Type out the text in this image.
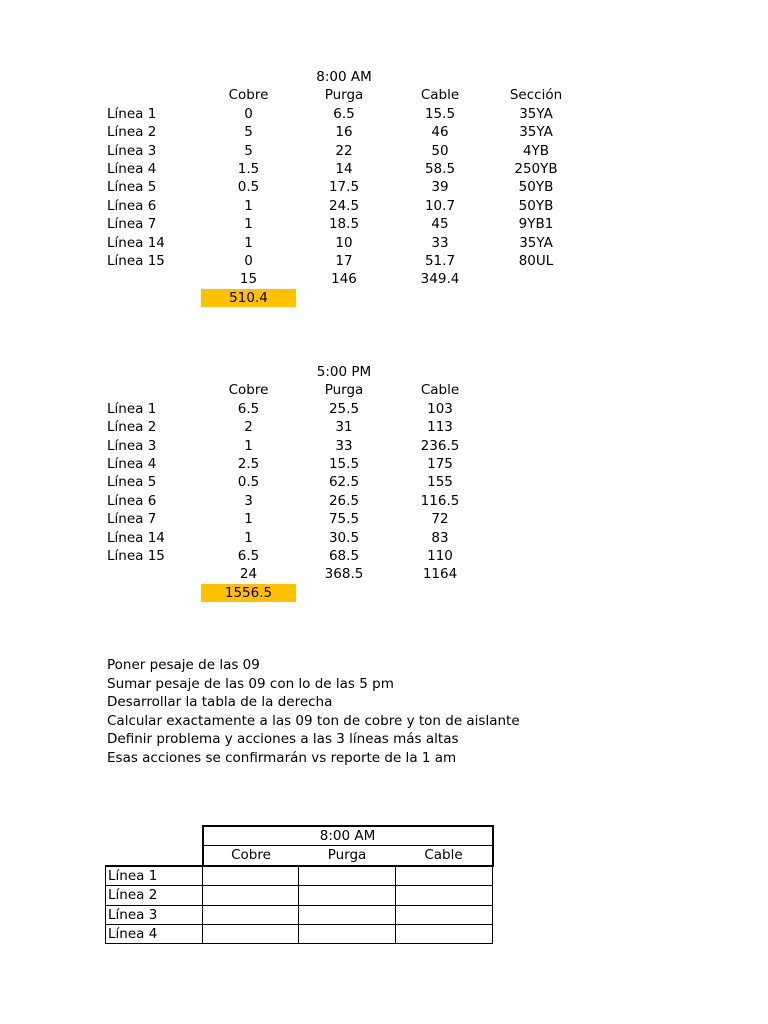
		8:00 AM		
	Cobre	Purga	Cable	Sección
Línea 1	0	6.5	15.5	35YA
Línea 2	5	16	46	35YA
Línea 3	5	22	50	4YB
Línea 4	1.5	14	58.5	250YB
Línea 5	0.5	17.5	39	50YB
Línea 6	1	24.5	10.7	50YB
Línea 7	1	18.5	45	9YB1
Línea 14	1	10	33	35YA
Línea 15	0	17	51.7	80UL
	15	146	349.4	
	510.4			
		5:00 PM	
	Cobre	Purga	Cable
Línea 1	6.5	25.5	103
Línea 2	2	31	113
Línea 3	1	33	236.5
Línea 4	2.5	15.5	175
Línea 5	0.5	62.5	155
Línea 6	3	26.5	116.5
Línea 7	1	75.5	72
Línea 14	1	30.5	83
Línea 15	6.5	68.5	110
	24	368.5	1164
	1556.5		
Poner pesaje de las 09
Sumar pesaje de las 09 con lo de las 5 pm
Desarrollar la tabla de la derecha
Calcular exactamente a las 09 ton de cobre y ton de aislante
Definir problema y acciones a las 3 líneas más altas
Esas acciones se confirmarán vs reporte de la 1 am
	8:00 AM		
	Cobre	Purga	Cable
Línea 1			
Línea 2			
Línea 3			
Línea 4			
